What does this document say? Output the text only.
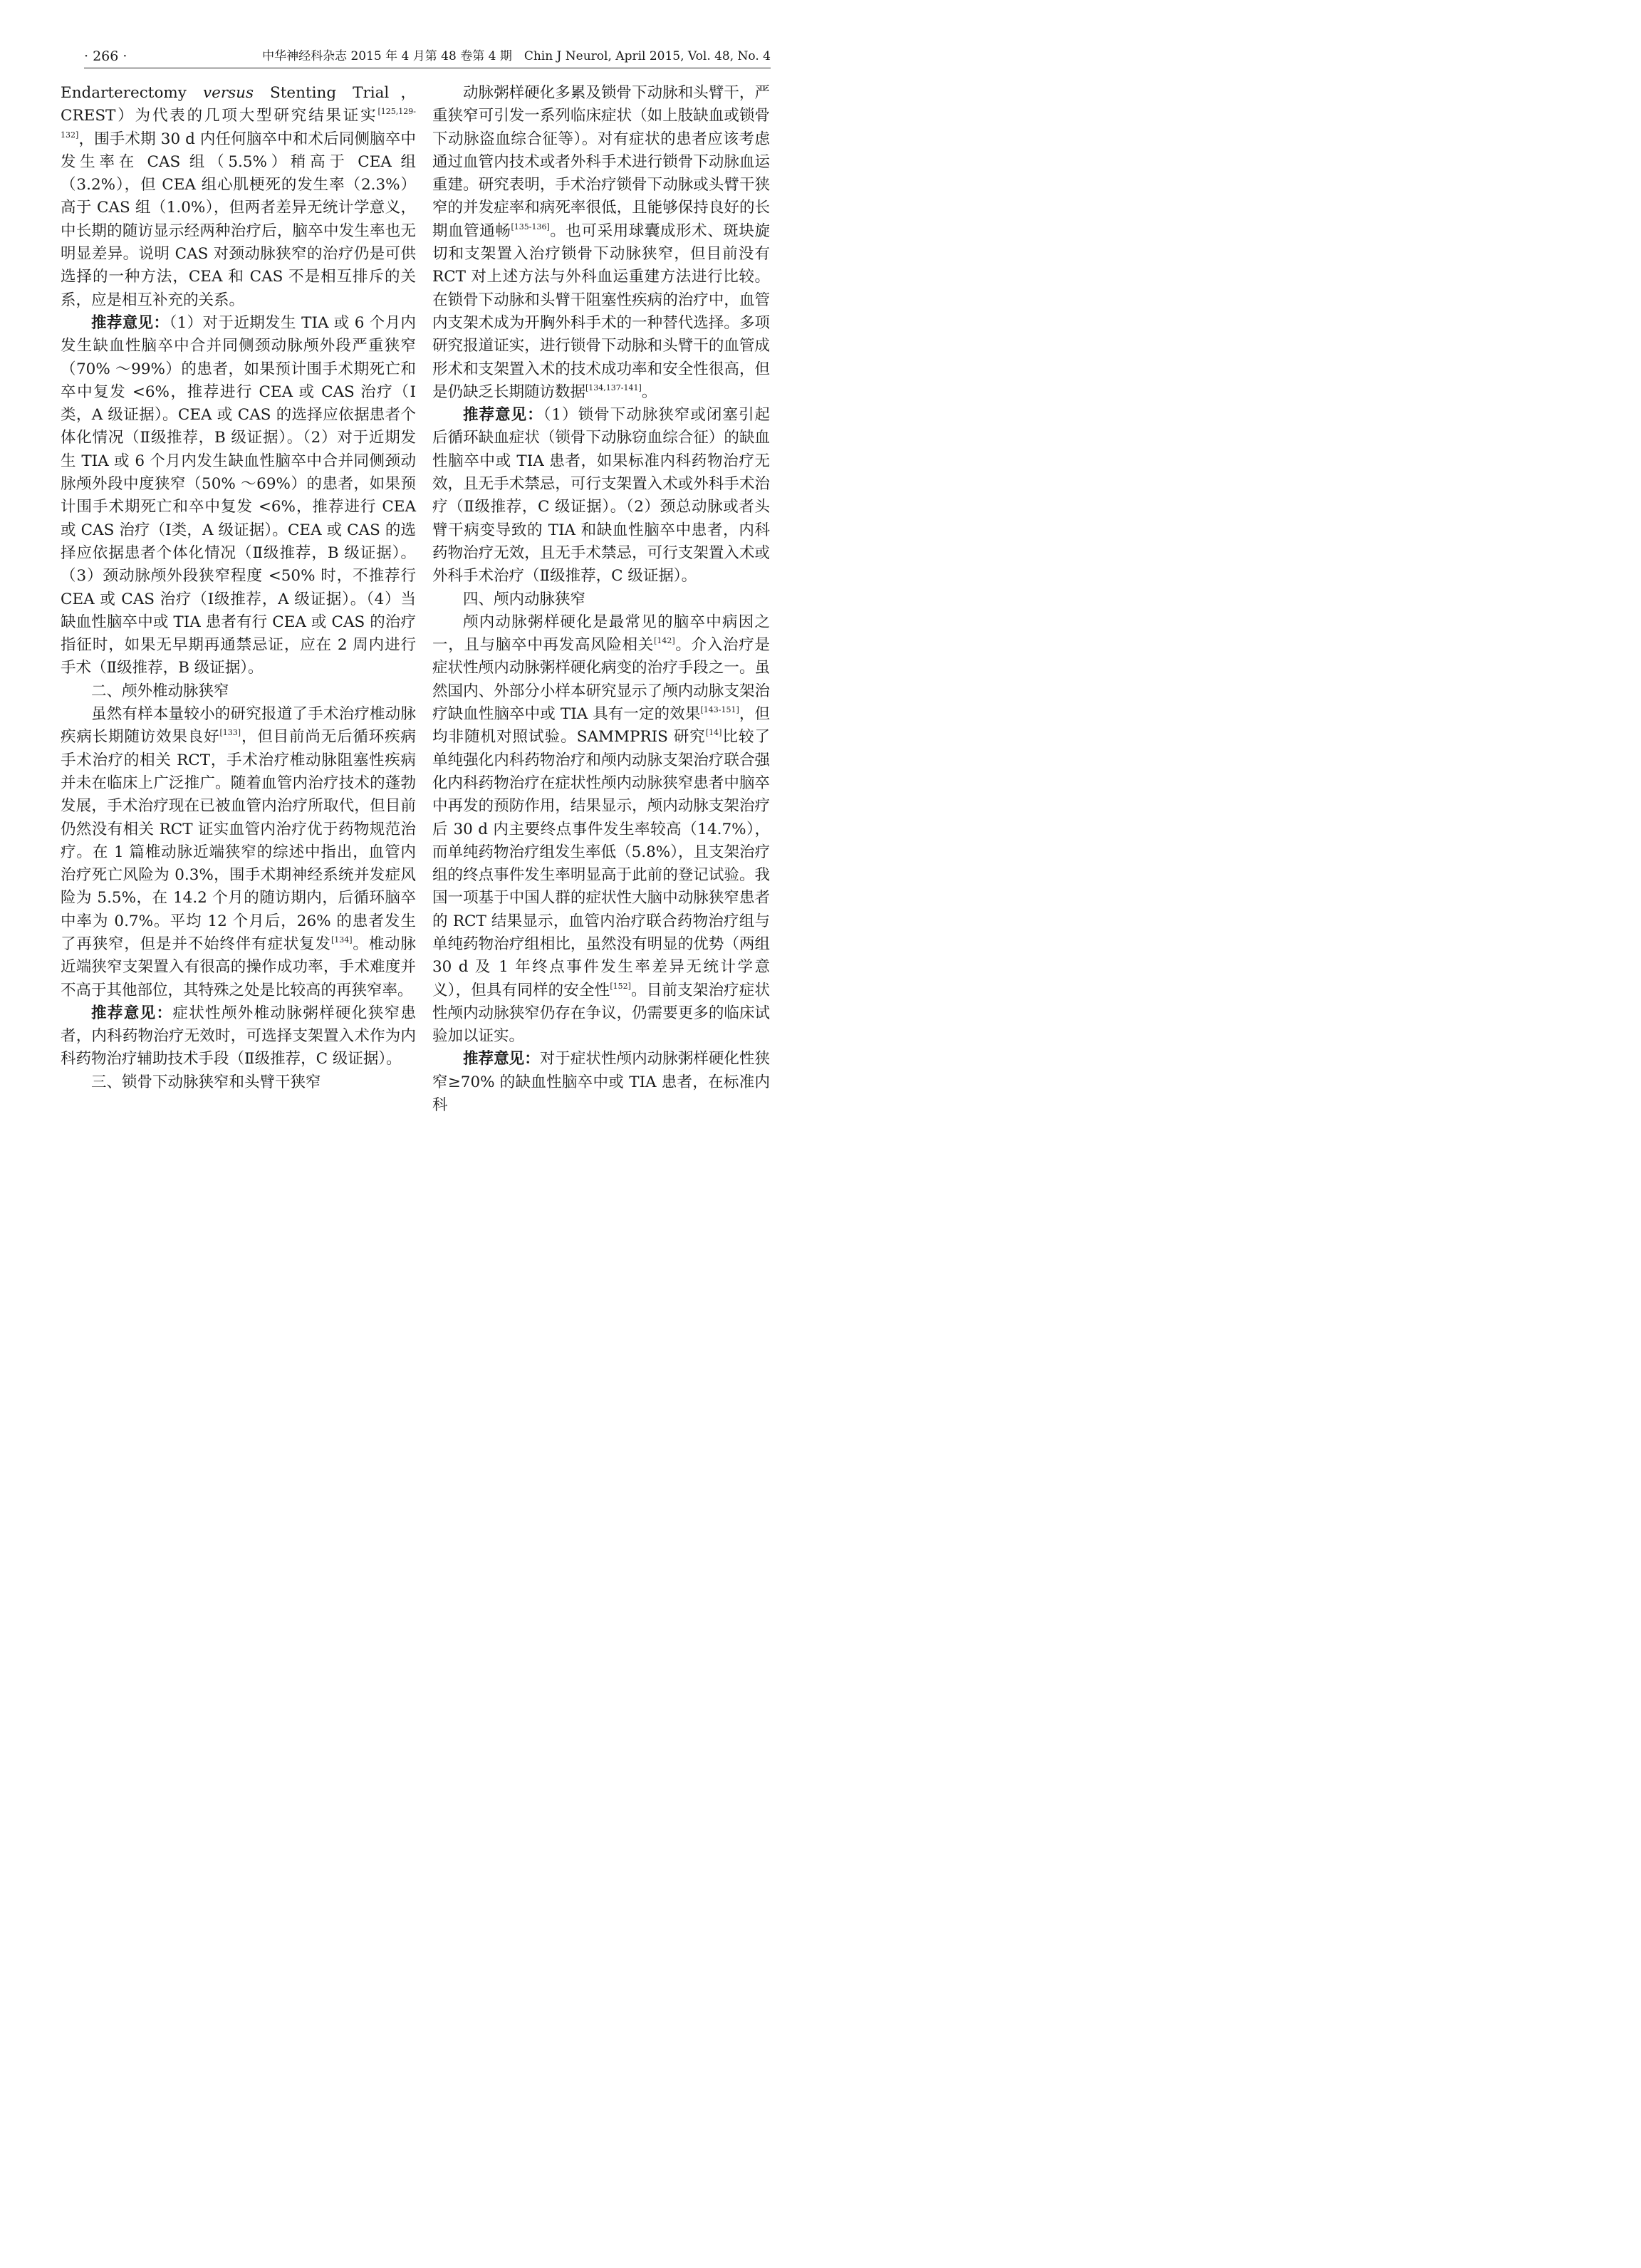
· 266 ·	中华神经科杂志 2015 年 4 月第 48 卷第 4 期　Chin J Neurol, April 2015, Vol. 48, No. 4

Endarterectomy versus Stenting Trial，CREST）为代表的几项大型研究结果证实[125,129-132]，围手术期 30 d 内任何脑卒中和术后同侧脑卒中发生率在 CAS 组（5.5%）稍高于 CEA 组（3.2%），但 CEA 组心肌梗死的发生率（2.3%）高于 CAS 组（1.0%），但两者差异无统计学意义，中长期的随访显示经两种治疗后，脑卒中发生率也无明显差异。说明 CAS 对颈动脉狭窄的治疗仍是可供选择的一种方法，CEA 和 CAS 不是相互排斥的关系，应是相互补充的关系。

推荐意见：（1）对于近期发生 TIA 或 6 个月内发生缺血性脑卒中合并同侧颈动脉颅外段严重狭窄（70% ～99%）的患者，如果预计围手术期死亡和卒中复发 <6%，推荐进行 CEA 或 CAS 治疗（Ⅰ类，A 级证据）。CEA 或 CAS 的选择应依据患者个体化情况（Ⅱ级推荐，B 级证据）。（2）对于近期发生 TIA 或 6 个月内发生缺血性脑卒中合并同侧颈动脉颅外段中度狭窄（50% ～69%）的患者，如果预计围手术期死亡和卒中复发 <6%，推荐进行 CEA 或 CAS 治疗（Ⅰ类，A 级证据）。CEA 或 CAS 的选择应依据患者个体化情况（Ⅱ级推荐，B 级证据）。（3）颈动脉颅外段狭窄程度 <50% 时，不推荐行 CEA 或 CAS 治疗（Ⅰ级推荐，A 级证据）。（4）当缺血性脑卒中或 TIA 患者有行 CEA 或 CAS 的治疗指征时，如果无早期再通禁忌证，应在 2 周内进行手术（Ⅱ级推荐，B 级证据）。

二、颅外椎动脉狭窄

虽然有样本量较小的研究报道了手术治疗椎动脉疾病长期随访效果良好[133]，但目前尚无后循环疾病手术治疗的相关 RCT，手术治疗椎动脉阻塞性疾病并未在临床上广泛推广。随着血管内治疗技术的蓬勃发展，手术治疗现在已被血管内治疗所取代，但目前仍然没有相关 RCT 证实血管内治疗优于药物规范治疗。在 1 篇椎动脉近端狭窄的综述中指出，血管内治疗死亡风险为 0.3%，围手术期神经系统并发症风险为 5.5%，在 14.2 个月的随访期内，后循环脑卒中率为 0.7%。平均 12 个月后，26% 的患者发生了再狭窄，但是并不始终伴有症状复发[134]。椎动脉近端狭窄支架置入有很高的操作成功率，手术难度并不高于其他部位，其特殊之处是比较高的再狭窄率。

推荐意见：症状性颅外椎动脉粥样硬化狭窄患者，内科药物治疗无效时，可选择支架置入术作为内科药物治疗辅助技术手段（Ⅱ级推荐，C 级证据）。

三、锁骨下动脉狭窄和头臂干狭窄

动脉粥样硬化多累及锁骨下动脉和头臂干，严重狭窄可引发一系列临床症状（如上肢缺血或锁骨下动脉盗血综合征等）。对有症状的患者应该考虑通过血管内技术或者外科手术进行锁骨下动脉血运重建。研究表明，手术治疗锁骨下动脉或头臂干狭窄的并发症率和病死率很低，且能够保持良好的长期血管通畅[135-136]。也可采用球囊成形术、斑块旋切和支架置入治疗锁骨下动脉狭窄，但目前没有 RCT 对上述方法与外科血运重建方法进行比较。在锁骨下动脉和头臂干阻塞性疾病的治疗中，血管内支架术成为开胸外科手术的一种替代选择。多项研究报道证实，进行锁骨下动脉和头臂干的血管成形术和支架置入术的技术成功率和安全性很高，但是仍缺乏长期随访数据[134,137-141]。

推荐意见：（1）锁骨下动脉狭窄或闭塞引起后循环缺血症状（锁骨下动脉窃血综合征）的缺血性脑卒中或 TIA 患者，如果标准内科药物治疗无效，且无手术禁忌，可行支架置入术或外科手术治疗（Ⅱ级推荐，C 级证据）。（2）颈总动脉或者头臂干病变导致的 TIA 和缺血性脑卒中患者，内科药物治疗无效，且无手术禁忌，可行支架置入术或外科手术治疗（Ⅱ级推荐，C 级证据）。

四、颅内动脉狭窄

颅内动脉粥样硬化是最常见的脑卒中病因之一，且与脑卒中再发高风险相关[142]。介入治疗是症状性颅内动脉粥样硬化病变的治疗手段之一。虽然国内、外部分小样本研究显示了颅内动脉支架治疗缺血性脑卒中或 TIA 具有一定的效果[143-151]，但均非随机对照试验。SAMMPRIS 研究[14]比较了单纯强化内科药物治疗和颅内动脉支架治疗联合强化内科药物治疗在症状性颅内动脉狭窄患者中脑卒中再发的预防作用，结果显示，颅内动脉支架治疗后 30 d 内主要终点事件发生率较高（14.7%），而单纯药物治疗组发生率低（5.8%），且支架治疗组的终点事件发生率明显高于此前的登记试验。我国一项基于中国人群的症状性大脑中动脉狭窄患者的 RCT 结果显示，血管内治疗联合药物治疗组与单纯药物治疗组相比，虽然没有明显的优势（两组 30 d 及 1 年终点事件发生率差异无统计学意义），但具有同样的安全性[152]。目前支架治疗症状性颅内动脉狭窄仍存在争议，仍需要更多的临床试验加以证实。

推荐意见：对于症状性颅内动脉粥样硬化性狭窄≥70% 的缺血性脑卒中或 TIA 患者，在标准内科
